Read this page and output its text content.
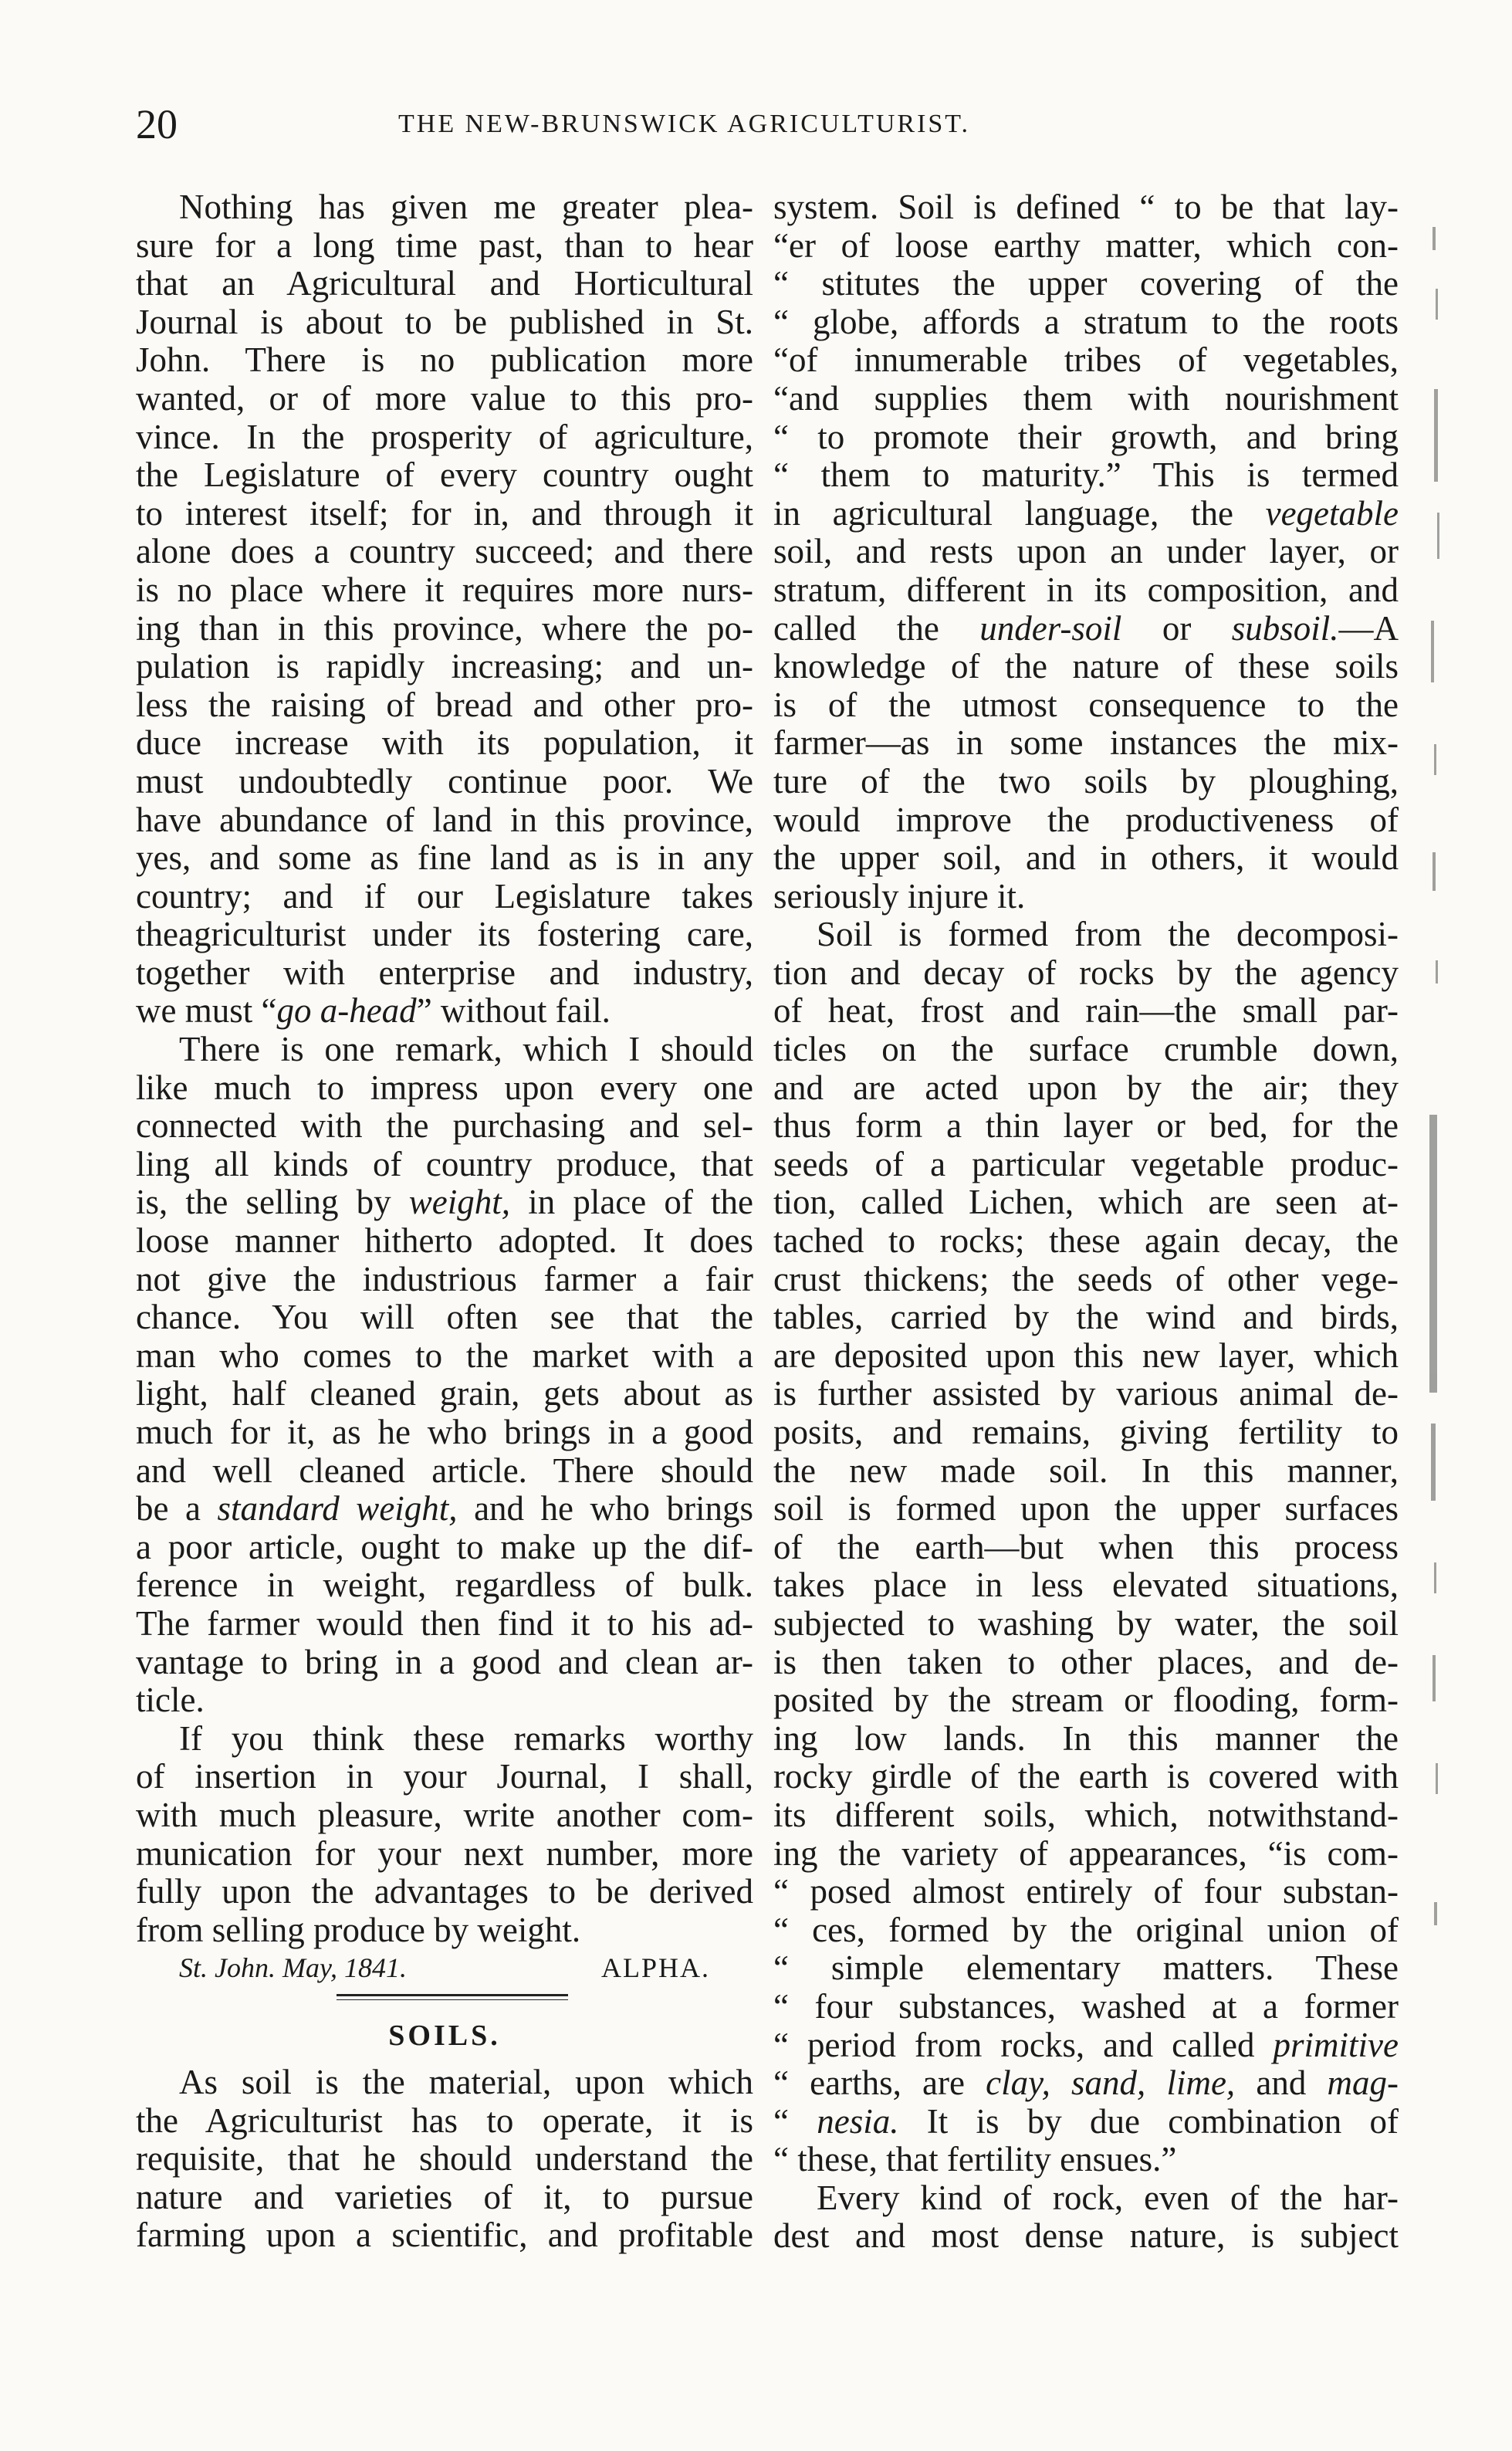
20	THE NEW-BRUNSWICK AGRICULTURIST.
Nothing has given me greater plea-
sure for a long time past, than to hear
that an Agricultural and Horticultural
Journal is about to be published in St.
John. There is no publication more
wanted, or of more value to this pro-
vince. In the prosperity of agriculture,
the Legislature of every country ought
to interest itself; for in, and through it
alone does a country succeed; and there
is no place where it requires more nurs-
ing than in this province, where the po-
pulation is rapidly increasing; and un-
less the raising of bread and other pro-
duce increase with its population, it
must undoubtedly continue poor. We
have abundance of land in this province,
yes, and some as fine land as is in any
country; and if our Legislature takes
theagriculturist under its fostering care,
together with enterprise and industry,
we must “go a-head” without fail.
There is one remark, which I should
like much to impress upon every one
connected with the purchasing and sel-
ling all kinds of country produce, that
is, the selling by weight, in place of the
loose manner hitherto adopted. It does
not give the industrious farmer a fair
chance. You will often see that the
man who comes to the market with a
light, half cleaned grain, gets about as
much for it, as he who brings in a good
and well cleaned article. There should
be a standard weight, and he who brings
a poor article, ought to make up the dif-
ference in weight, regardless of bulk.
The farmer would then find it to his ad-
vantage to bring in a good and clean ar-
ticle.
If you think these remarks worthy
of insertion in your Journal, I shall,
with much pleasure, write another com-
munication for your next number, more
fully upon the advantages to be derived
from selling produce by weight.
St. John. May, 1841.	ALPHA.
SOILS.
As soil is the material, upon which
the Agriculturist has to operate, it is
requisite, that he should understand the
nature and varieties of it, to pursue
farming upon a scientific, and profitable
system. Soil is defined “ to be that lay-
“er of loose earthy matter, which con-
“ stitutes the upper covering of the
“ globe, affords a stratum to the roots
“of innumerable tribes of vegetables,
“and supplies them with nourishment
“ to promote their growth, and bring
“ them to maturity.” This is termed
in agricultural language, the vegetable
soil, and rests upon an under layer, or
stratum, different in its composition, and
called the under-soil or subsoil.—A
knowledge of the nature of these soils
is of the utmost consequence to the
farmer—as in some instances the mix-
ture of the two soils by ploughing,
would improve the productiveness of
the upper soil, and in others, it would
seriously injure it.
Soil is formed from the decomposi-
tion and decay of rocks by the agency
of heat, frost and rain—the small par-
ticles on the surface crumble down,
and are acted upon by the air; they
thus form a thin layer or bed, for the
seeds of a particular vegetable produc-
tion, called Lichen, which are seen at-
tached to rocks; these again decay, the
crust thickens; the seeds of other vege-
tables, carried by the wind and birds,
are deposited upon this new layer, which
is further assisted by various animal de-
posits, and remains, giving fertility to
the new made soil. In this manner,
soil is formed upon the upper surfaces
of the earth—but when this process
takes place in less elevated situations,
subjected to washing by water, the soil
is then taken to other places, and de-
posited by the stream or flooding, form-
ing low lands. In this manner the
rocky girdle of the earth is covered with
its different soils, which, notwithstand-
ing the variety of appearances, “is com-
“ posed almost entirely of four substan-
“ ces, formed by the original union of
“ simple elementary matters. These
“ four substances, washed at a former
“ period from rocks, and called primitive
“ earths, are clay, sand, lime, and mag-
“ nesia. It is by due combination of
“ these, that fertility ensues.”
Every kind of rock, even of the har-
dest and most dense nature, is subject
